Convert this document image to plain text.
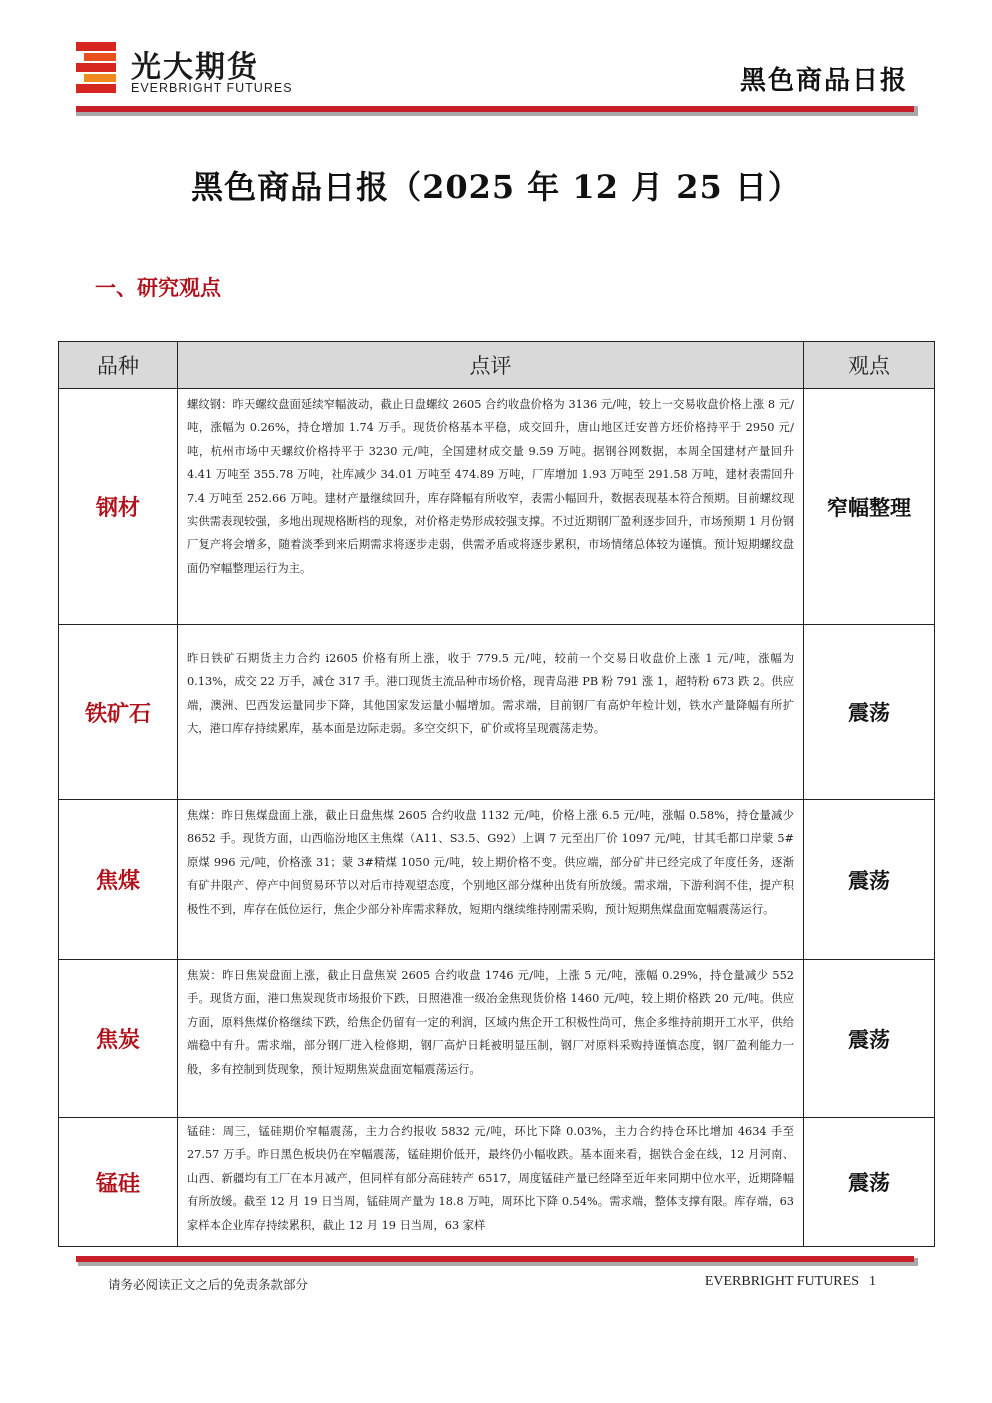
光大期货
EVERBRIGHT FUTURES	黑色商品日报
黑色商品日报（2025 年 12 月 25 日）
一、研究观点
品种	点评	观点
钢材	螺纹钢：昨天螺纹盘面延续窄幅波动，截止日盘螺纹 2605 合约收盘价格为 3136 元/吨，较上一交易收盘价格上涨 8 元/吨，涨幅为 0.26%，持仓增加 1.74 万手。现货价格基本平稳，成交回升，唐山地区迁安普方坯价格持平于 2950 元/吨，杭州市场中天螺纹价格持平于 3230 元/吨，全国建材成交量 9.59 万吨。据钢谷网数据，本周全国建材产量回升 4.41 万吨至 355.78 万吨，社库减少 34.01 万吨至 474.89 万吨，厂库增加 1.93 万吨至 291.58 万吨，建材表需回升 7.4 万吨至 252.66 万吨。建材产量继续回升，库存降幅有所收窄，表需小幅回升，数据表现基本符合预期。目前螺纹现实供需表现较强，多地出现规格断档的现象，对价格走势形成较强支撑。不过近期钢厂盈利逐步回升，市场预期 1 月份钢厂复产将会增多，随着淡季到来后期需求将逐步走弱，供需矛盾或将逐步累积，市场情绪总体较为谨慎。预计短期螺纹盘面仍窄幅整理运行为主。	窄幅整理
铁矿石	昨日铁矿石期货主力合约 i2605 价格有所上涨，收于 779.5 元/吨，较前一个交易日收盘价上涨 1 元/吨，涨幅为 0.13%，成交 22 万手，减仓 317 手。港口现货主流品种市场价格，现青岛港 PB 粉 791 涨 1，超特粉 673 跌 2。供应端，澳洲、巴西发运量同步下降，其他国家发运量小幅增加。需求端，目前钢厂有高炉年检计划，铁水产量降幅有所扩大，港口库存持续累库，基本面是边际走弱。多空交织下，矿价或将呈现震荡走势。	震荡
焦煤	焦煤：昨日焦煤盘面上涨，截止日盘焦煤 2605 合约收盘 1132 元/吨，价格上涨 6.5 元/吨，涨幅 0.58%，持仓量减少 8652 手。现货方面，山西临汾地区主焦煤（A11、S3.5、G92）上调 7 元至出厂价 1097 元/吨，甘其毛都口岸蒙 5#原煤 996 元/吨，价格涨 31；蒙 3#精煤 1050 元/吨，较上期价格不变。供应端，部分矿井已经完成了年度任务，逐渐有矿井限产、停产中间贸易环节以对后市持观望态度，个别地区部分煤种出货有所放缓。需求端，下游利润不佳，提产积极性不到，库存在低位运行，焦企少部分补库需求释放，短期内继续维持刚需采购，预计短期焦煤盘面宽幅震荡运行。	震荡
焦炭	焦炭：昨日焦炭盘面上涨，截止日盘焦炭 2605 合约收盘 1746 元/吨，上涨 5 元/吨，涨幅 0.29%，持仓量减少 552 手。现货方面，港口焦炭现货市场报价下跌，日照港准一级冶金焦现货价格 1460 元/吨，较上期价格跌 20 元/吨。供应方面，原料焦煤价格继续下跌，给焦企仍留有一定的利润，区域内焦企开工积极性尚可，焦企多维持前期开工水平，供给端稳中有升。需求端，部分钢厂进入检修期，钢厂高炉日耗被明显压制，钢厂对原料采购持谨慎态度，钢厂盈利能力一般，多有控制到货现象，预计短期焦炭盘面宽幅震荡运行。	震荡
锰硅	锰硅：周三，锰硅期价窄幅震荡，主力合约报收 5832 元/吨，环比下降 0.03%，主力合约持仓环比增加 4634 手至 27.57 万手。昨日黑色板块仍在窄幅震荡，锰硅期价低开，最终仍小幅收跌。基本面来看，据铁合金在线，12 月河南、山西、新疆均有工厂在本月减产，但同样有部分高硅转产 6517，周度锰硅产量已经降至近年来同期中位水平，近期降幅有所放缓。截至 12 月 19 日当周，锰硅周产量为 18.8 万吨，周环比下降 0.54%。需求端，整体支撑有限。库存端，63 家样本企业库存持续累积，截止 12 月 19 日当周，63 家样	震荡
请务必阅读正文之后的免责条款部分	EVERBRIGHT FUTURES 1
